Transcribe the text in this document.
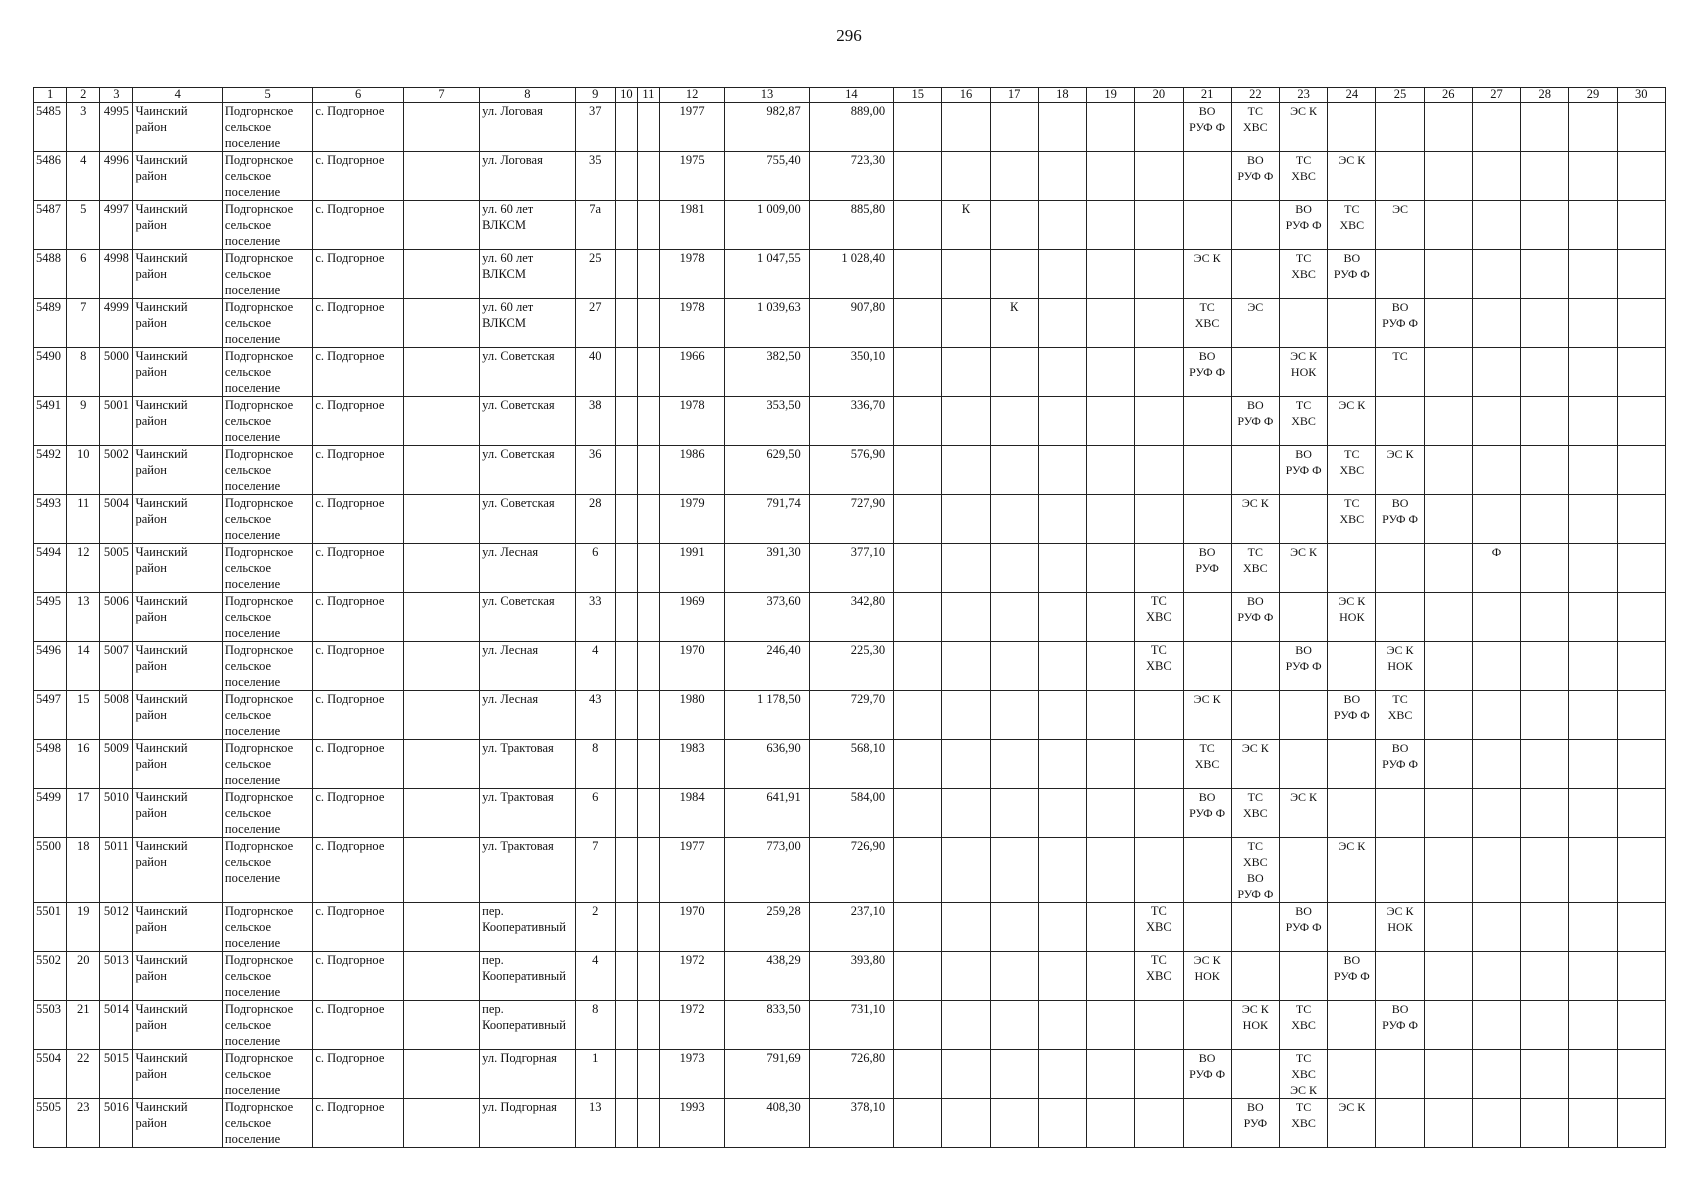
296
1	2	3	4	5	6	7	8	9	10	11	12	13	14	15	16	17	18	19	20	21	22	23	24	25	26	27	28	29	30
5485	3	4995	Чаинский
район	Подгорнское
сельское
поселение	с. Подгорное		ул. Логовая	37			1977	982,87	889,00							ВО
РУФ Ф	ТС
ХВС	ЭС К							
5486	4	4996	Чаинский
район	Подгорнское
сельское
поселение	с. Подгорное		ул. Логовая	35			1975	755,40	723,30								ВО
РУФ Ф	ТС
ХВС	ЭС К						
5487	5	4997	Чаинский
район	Подгорнское
сельское
поселение	с. Подгорное		ул. 60 лет
ВЛКСМ	7а			1981	1 009,00	885,80		К							ВО
РУФ Ф	ТС
ХВС	ЭС					
5488	6	4998	Чаинский
район	Подгорнское
сельское
поселение	с. Подгорное		ул. 60 лет
ВЛКСМ	25			1978	1 047,55	1 028,40							ЭС К		ТС
ХВС	ВО
РУФ Ф						
5489	7	4999	Чаинский
район	Подгорнское
сельское
поселение	с. Подгорное		ул. 60 лет
ВЛКСМ	27			1978	1 039,63	907,80			К				ТС
ХВС	ЭС			ВО
РУФ Ф					
5490	8	5000	Чаинский
район	Подгорнское
сельское
поселение	с. Подгорное		ул. Советская	40			1966	382,50	350,10							ВО
РУФ Ф		ЭС К
НОК		ТС					
5491	9	5001	Чаинский
район	Подгорнское
сельское
поселение	с. Подгорное		ул. Советская	38			1978	353,50	336,70								ВО
РУФ Ф	ТС
ХВС	ЭС К						
5492	10	5002	Чаинский
район	Подгорнское
сельское
поселение	с. Подгорное		ул. Советская	36			1986	629,50	576,90									ВО
РУФ Ф	ТС
ХВС	ЭС К					
5493	11	5004	Чаинский
район	Подгорнское
сельское
поселение	с. Подгорное		ул. Советская	28			1979	791,74	727,90								ЭС К		ТС
ХВС	ВО
РУФ Ф					
5494	12	5005	Чаинский
район	Подгорнское
сельское
поселение	с. Подгорное		ул. Лесная	6			1991	391,30	377,10							ВО
РУФ	ТС
ХВС	ЭС К				Ф			
5495	13	5006	Чаинский
район	Подгорнское
сельское
поселение	с. Подгорное		ул. Советская	33			1969	373,60	342,80						ТС
ХВС		ВО
РУФ Ф		ЭС К
НОК						
5496	14	5007	Чаинский
район	Подгорнское
сельское
поселение	с. Подгорное		ул. Лесная	4			1970	246,40	225,30						ТС
ХВС			ВО
РУФ Ф		ЭС К
НОК					
5497	15	5008	Чаинский
район	Подгорнское
сельское
поселение	с. Подгорное		ул. Лесная	43			1980	1 178,50	729,70							ЭС К			ВО
РУФ Ф	ТС
ХВС					
5498	16	5009	Чаинский
район	Подгорнское
сельское
поселение	с. Подгорное		ул. Трактовая	8			1983	636,90	568,10							ТС
ХВС	ЭС К			ВО
РУФ Ф					
5499	17	5010	Чаинский
район	Подгорнское
сельское
поселение	с. Подгорное		ул. Трактовая	6			1984	641,91	584,00							ВО
РУФ Ф	ТС
ХВС	ЭС К							
5500	18	5011	Чаинский
район	Подгорнское
сельское
поселение	с. Подгорное		ул. Трактовая	7			1977	773,00	726,90								ТС
ХВС
ВО
РУФ Ф		ЭС К						
5501	19	5012	Чаинский
район	Подгорнское
сельское
поселение	с. Подгорное		пер.
Кооперативный	2			1970	259,28	237,10						ТС
ХВС			ВО
РУФ Ф		ЭС К
НОК					
5502	20	5013	Чаинский
район	Подгорнское
сельское
поселение	с. Подгорное		пер.
Кооперативный	4			1972	438,29	393,80						ТС
ХВС	ЭС К
НОК			ВО
РУФ Ф						
5503	21	5014	Чаинский
район	Подгорнское
сельское
поселение	с. Подгорное		пер.
Кооперативный	8			1972	833,50	731,10								ЭС К
НОК	ТС
ХВС		ВО
РУФ Ф					
5504	22	5015	Чаинский
район	Подгорнское
сельское
поселение	с. Подгорное		ул. Подгорная	1			1973	791,69	726,80							ВО
РУФ Ф		ТС
ХВС
ЭС К							
5505	23	5016	Чаинский
район	Подгорнское
сельское
поселение	с. Подгорное		ул. Подгорная	13			1993	408,30	378,10								ВО
РУФ	ТС
ХВС	ЭС К						
